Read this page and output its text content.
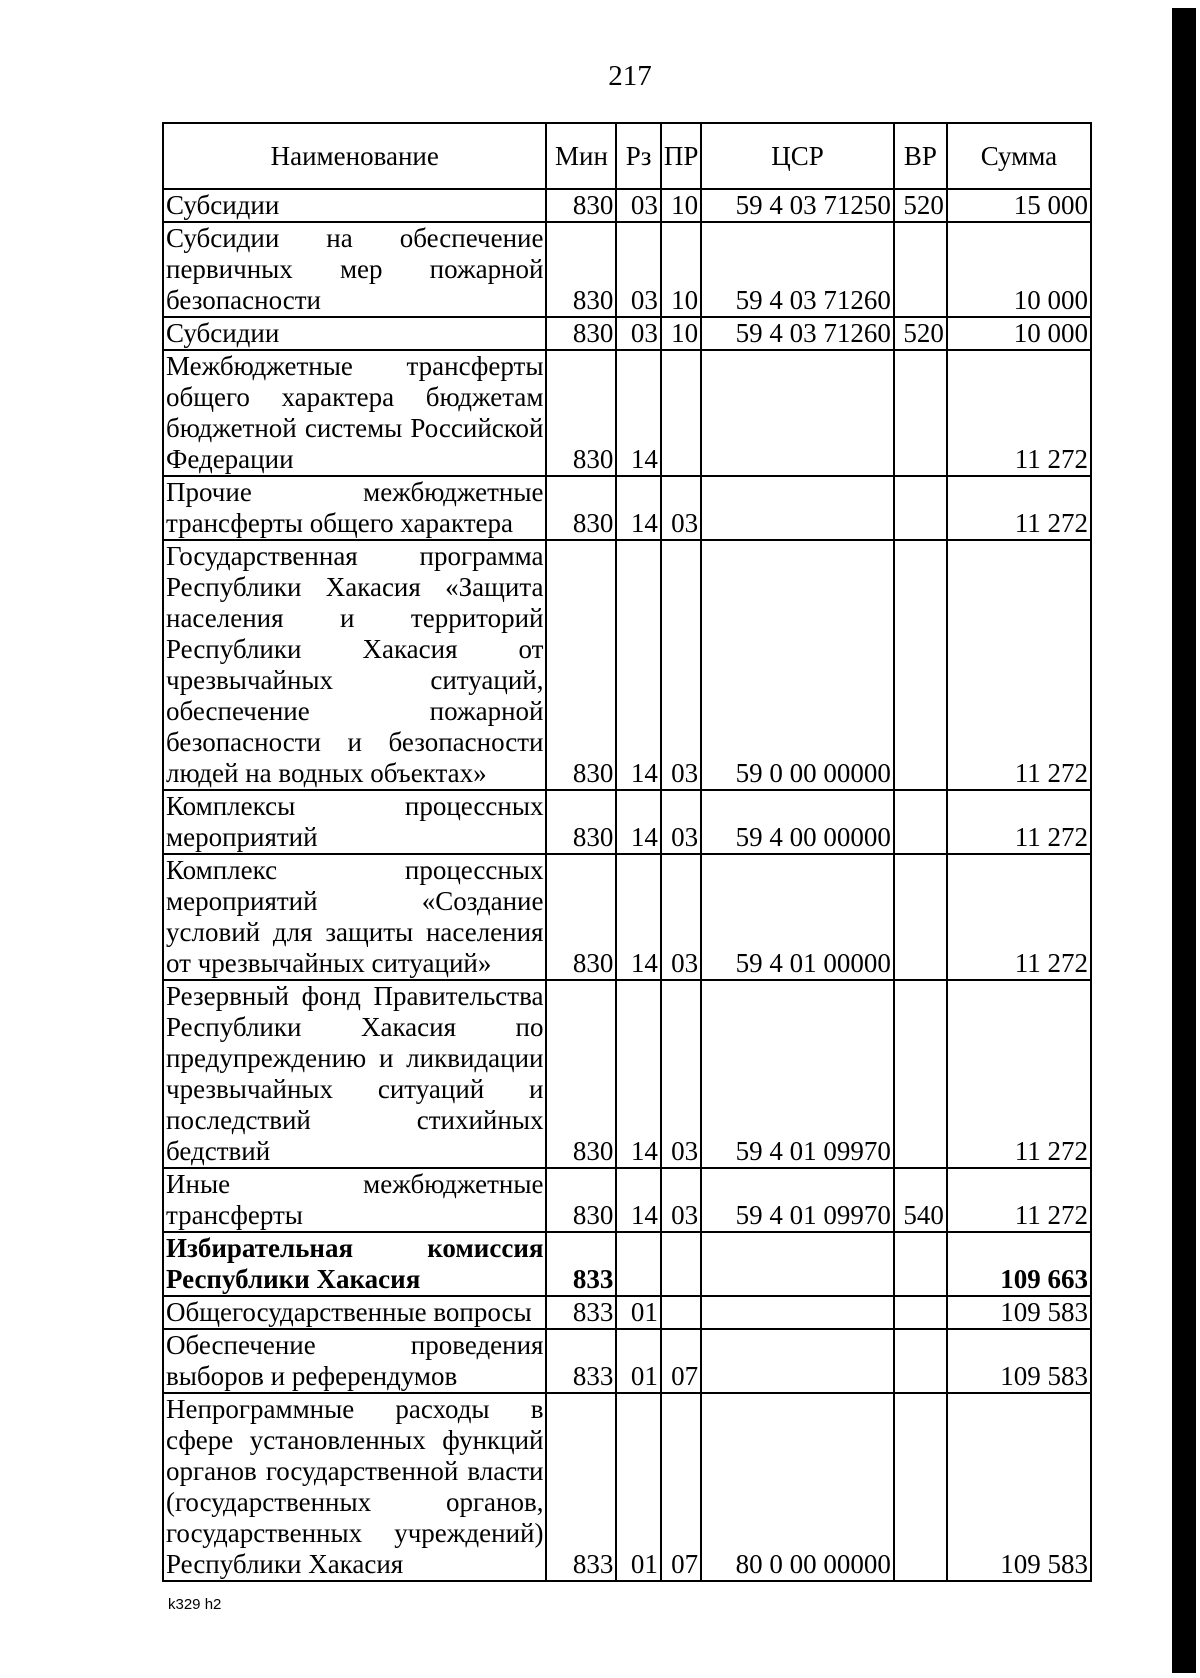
217
Наименование	Мин	Рз	ПР	ЦСР	ВР	Сумма
Субсидии	830	03	10	59 4 03 71250	520	15 000
Субсидии на обеспечение первичных мер пожарной безопасности	830	03	10	59 4 03 71260		10 000
Субсидии	830	03	10	59 4 03 71260	520	10 000
Межбюджетные трансферты общего характера бюджетам бюджетной системы Российской Федерации	830	14				11 272
Прочие межбюджетные трансферты общего характера	830	14	03			11 272
Государственная программа Республики Хакасия «Защита населения и территорий Республики Хакасия от чрезвычайных ситуаций, обеспечение пожарной безопасности и безопасности людей на водных объектах»	830	14	03	59 0 00 00000		11 272
Комплексы процессных мероприятий	830	14	03	59 4 00 00000		11 272
Комплекс процессных мероприятий «Создание условий для защиты населения от чрезвычайных ситуаций»	830	14	03	59 4 01 00000		11 272
Резервный фонд Правительства Республики Хакасия по предупреждению и ликвидации чрезвычайных ситуаций и последствий стихийных бедствий	830	14	03	59 4 01 09970		11 272
Иные межбюджетные трансферты	830	14	03	59 4 01 09970	540	11 272
Избирательная комиссия Республики Хакасия	833					109 663
Общегосударственные вопросы	833	01				109 583
Обеспечение проведения выборов и референдумов	833	01	07			109 583
Непрограммные расходы в сфере установленных функций органов государственной власти (государственных органов, государственных учреждений) Республики Хакасия	833	01	07	80 0 00 00000		109 583
k329 h2
